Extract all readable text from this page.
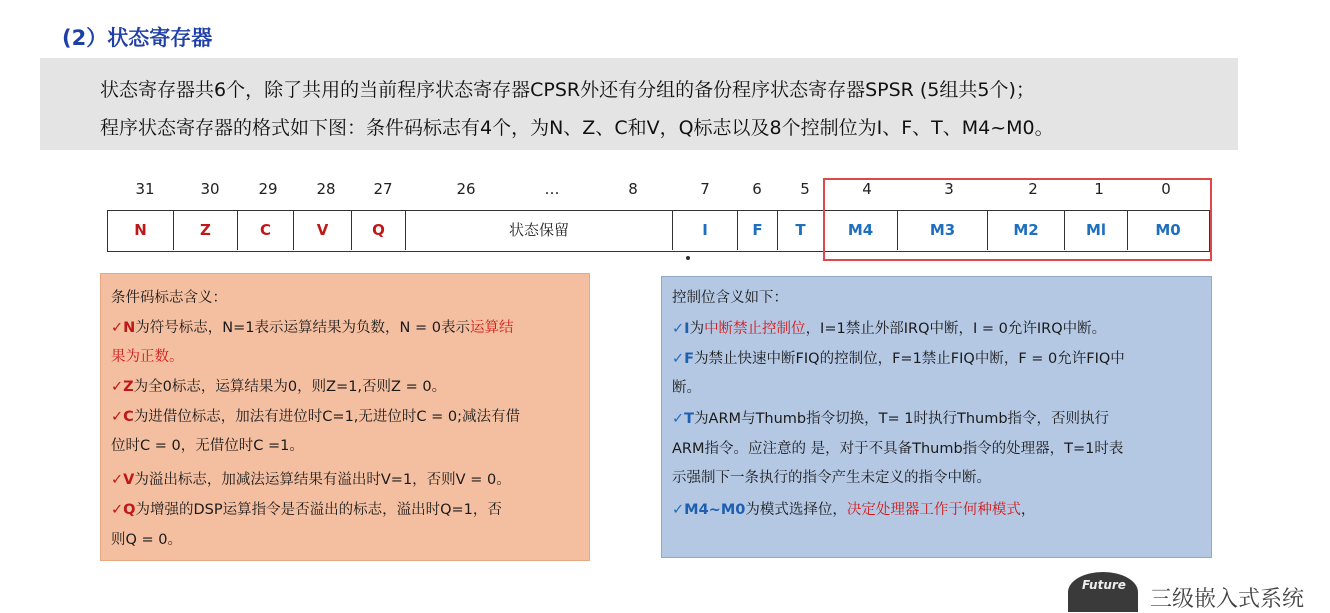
(2）状态寄存器
状态寄存器共6个，除了共用的当前程序状态寄存器CPSR外还有分组的备份程序状态寄存器SPSR (5组共5个)；
程序状态寄存器的格式如下图：条件码标志有4个，为N、Z、C和V，Q标志以及8个控制位为I、F、T、M4~M0。
31	30	29	28	27	26	…	8	7	6	5	4	3	2	1	0
N	Z	C	V	Q	状态保留	I	F	T	M4	M3	M2	Ml	M0
条件码标志含义：
✓N为符号标志，N=1表示运算结果为负数，N = 0表示运算结
果为正数。
✓Z为全0标志，运算结果为0，则Z=1,否则Z = 0。
✓C为进借位标志，加法有进位时C=1,无进位时C = 0;减法有借
位时C = 0，无借位时C =1。
✓V为溢出标志，加减法运算结果有溢出时V=1，否则V = 0。
✓Q为增强的DSP运算指令是否溢出的标志，溢出时Q=1，否
则Q = 0。
控制位含义如下：
✓I为中断禁止控制位，I=1禁止外部IRQ中断，I = 0允许IRQ中断。
✓F为禁止快速中断FIQ的控制位，F=1禁止FIQ中断，F = 0允许FIQ中
断。
✓T为ARM与Thumb指令切换，T= 1时执行Thumb指令，否则执行
ARM指令。应注意的 是，对于不具备Thumb指令的处理器，T=1时表
示强制下一条执行的指令产生未定义的指令中断。
✓M4~M0为模式选择位，决定处理器工作于何种模式，
Future
三级嵌入式系统
